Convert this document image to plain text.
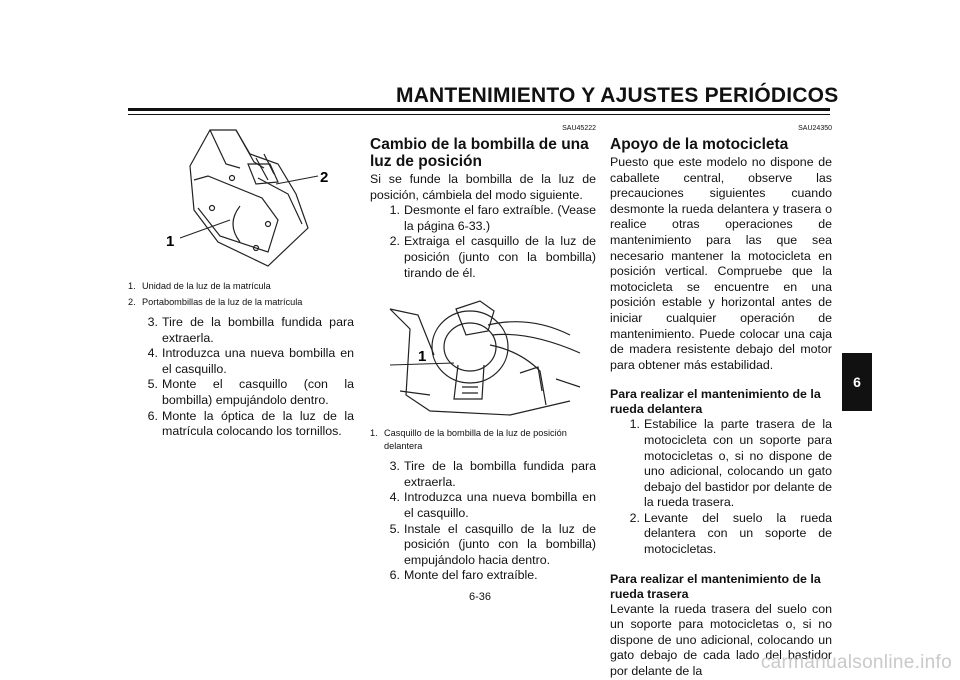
MANTENIMIENTO Y AJUSTES PERIÓDICOS
6
2
1
1. Unidad de la luz de la matrícula
2. Portabombillas de la luz de la matrícula
3. Tire de la bombilla fundida para extraerla.
4. Introduzca una nueva bombilla en el casquillo.
5. Monte el casquillo (con la bombilla) empujándolo dentro.
6. Monte la óptica de la luz de la matrícula colocando los tornillos.
SAU45222
Cambio de la bombilla de una luz de posición

Si se funde la bombilla de la luz de posición, cámbiela del modo siguiente.

1. Desmonte el faro extraíble. (Vease la página 6-33.)
2. Extraiga el casquillo de la luz de posición (junto con la bombilla) tirando de él.
1
1. Casquillo de la bombilla de la luz de posición delantera
3. Tire de la bombilla fundida para extraerla.
4. Introduzca una nueva bombilla en el casquillo.
5. Instale el casquillo de la luz de posición (junto con la bombilla) empujándolo hacia dentro.
6. Monte del faro extraíble.
SAU24350
Apoyo de la motocicleta

Puesto que este modelo no dispone de caballete central, observe las precauciones siguientes cuando desmonte la rueda delantera y trasera o realice otras operaciones de mantenimiento para las que sea necesario mantener la motocicleta en posición vertical. Compruebe que la motocicleta se encuentre en una posición estable y horizontal antes de iniciar cualquier operación de mantenimiento. Puede colocar una caja de madera resistente debajo del motor para obtener más estabilidad.

Para realizar el mantenimiento de la rueda delantera
1. Estabilice la parte trasera de la motocicleta con un soporte para motocicletas o, si no dispone de uno adicional, colocando un gato debajo del bastidor por delante de la rueda trasera.
2. Levante del suelo la rueda delantera con un soporte de motocicletas.
Para realizar el mantenimiento de la rueda trasera

Levante la rueda trasera del suelo con un soporte para motocicletas o, si no dispone de uno adicional, colocando un gato debajo de cada lado del bastidor por delante de la

6-36
carmanualsonline.info
